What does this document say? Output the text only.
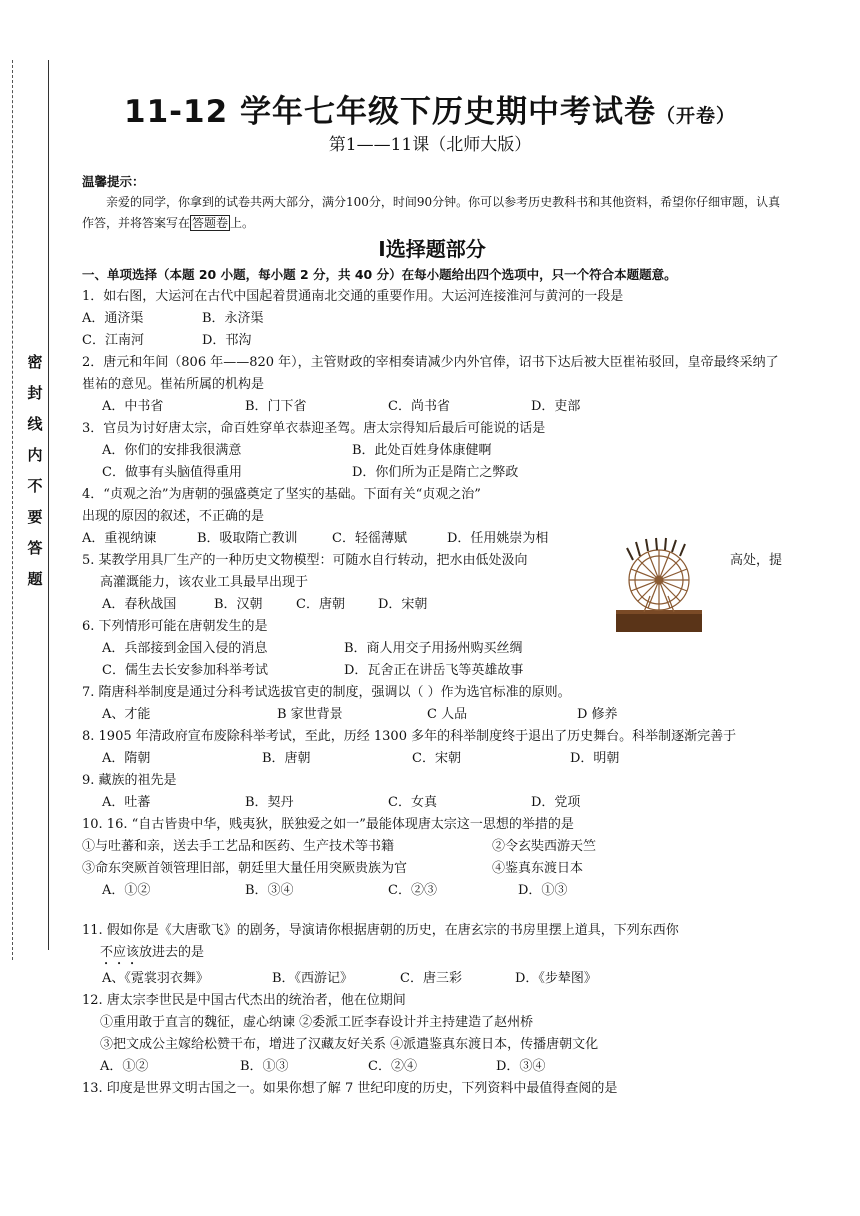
密
封
线
内
不
要
答
题
11-12 学年七年级下历史期中考试卷（开卷）
第1——11课（北师大版）
温馨提示：
亲爱的同学，你拿到的试卷共两大部分，满分100分，时间90分钟。你可以参考历史教科书和其他资料，希望你仔细审题，认真作答，并将答案写在 答题卷 上。
Ⅰ选择题部分
一、单项选择（本题 20 小题，每小题 2 分，共 40 分）在每小题给出四个选项中，只一个符合本题题意。
1．如右图，大运河在古代中国起着贯通南北交通的重要作用。大运河连接淮河与黄河的一段是
A．通济渠	B．永济渠
C．江南河	D．邗沟
2．唐元和年间（806 年——820 年），主管财政的宰相奏请减少内外官俸，诏书下达后被大臣崔祐驳回，皇帝最终采纳了崔祐的意见。崔祐所属的机构是
A．中书省	B．门下省	C．尚书省	D．吏部
3．官员为讨好唐太宗，命百姓穿单衣恭迎圣驾。唐太宗得知后最后可能说的话是
A．你们的安排我很满意	B．此处百姓身体康健啊
C．做事有头脑值得重用	D．你们所为正是隋亡之弊政
4．“贞观之治”为唐朝的强盛奠定了坚实的基础。下面有关“贞观之治”
出现的原因的叙述，不正确的是
A．重视纳谏	B．吸取隋亡教训	C．轻徭薄赋	D．任用姚崇为相
5. 某教学用具厂生产的一种历史文物模型：可随水自行转动，把水由低处汲向	高处，提
高灌溉能力，该农业工具最早出现于
A．春秋战国	B．汉朝	C．唐朝	D．宋朝
6. 下列情形可能在唐朝发生的是
A．兵部接到金国入侵的消息	B．商人用交子用扬州购买丝绸
C．儒生去长安参加科举考试	D．瓦舍正在讲岳飞等英雄故事
7. 隋唐科举制度是通过分科考试选拔官吏的制度，强调以（ ）作为选官标准的原则。
A、才能	B 家世背景	C 人品	D 修养
8. 1905 年清政府宣布废除科举考试，至此，历经 1300 多年的科举制度终于退出了历史舞台。科举制逐渐完善于
A．隋朝	B．唐朝	C．宋朝	D．明朝
9. 藏族的祖先是
A．吐蕃	B．契丹	C．女真	D．党项
10. 16. “自古皆贵中华，贱夷狄，朕独爱之如一”最能体现唐太宗这一思想的举措的是
①与吐蕃和亲，送去手工艺品和医药、生产技术等书籍	②令玄奘西游天竺
③命东突厥首领管理旧部，朝廷里大量任用突厥贵族为官	④鉴真东渡日本
A．①②	B．③④	C．②③	D．①③
11. 假如你是《大唐歌飞》的剧务，导演请你根据唐朝的历史，在唐玄宗的书房里摆上道具，下列东西你
不应该放进去的是
A、《霓裳羽衣舞》	B．《西游记》	C．唐三彩	D．《步辇图》
12. 唐太宗李世民是中国古代杰出的统治者，他在位期间
①重用敢于直言的魏征，虚心纳谏 ②委派工匠李春设计并主持建造了赵州桥
③把文成公主嫁给松赞干布，增进了汉藏友好关系 ④派遣鉴真东渡日本，传播唐朝文化
A．①②	B．①③	C．②④	D．③④
13. 印度是世界文明古国之一。如果你想了解 7 世纪印度的历史，下列资料中最值得查阅的是
